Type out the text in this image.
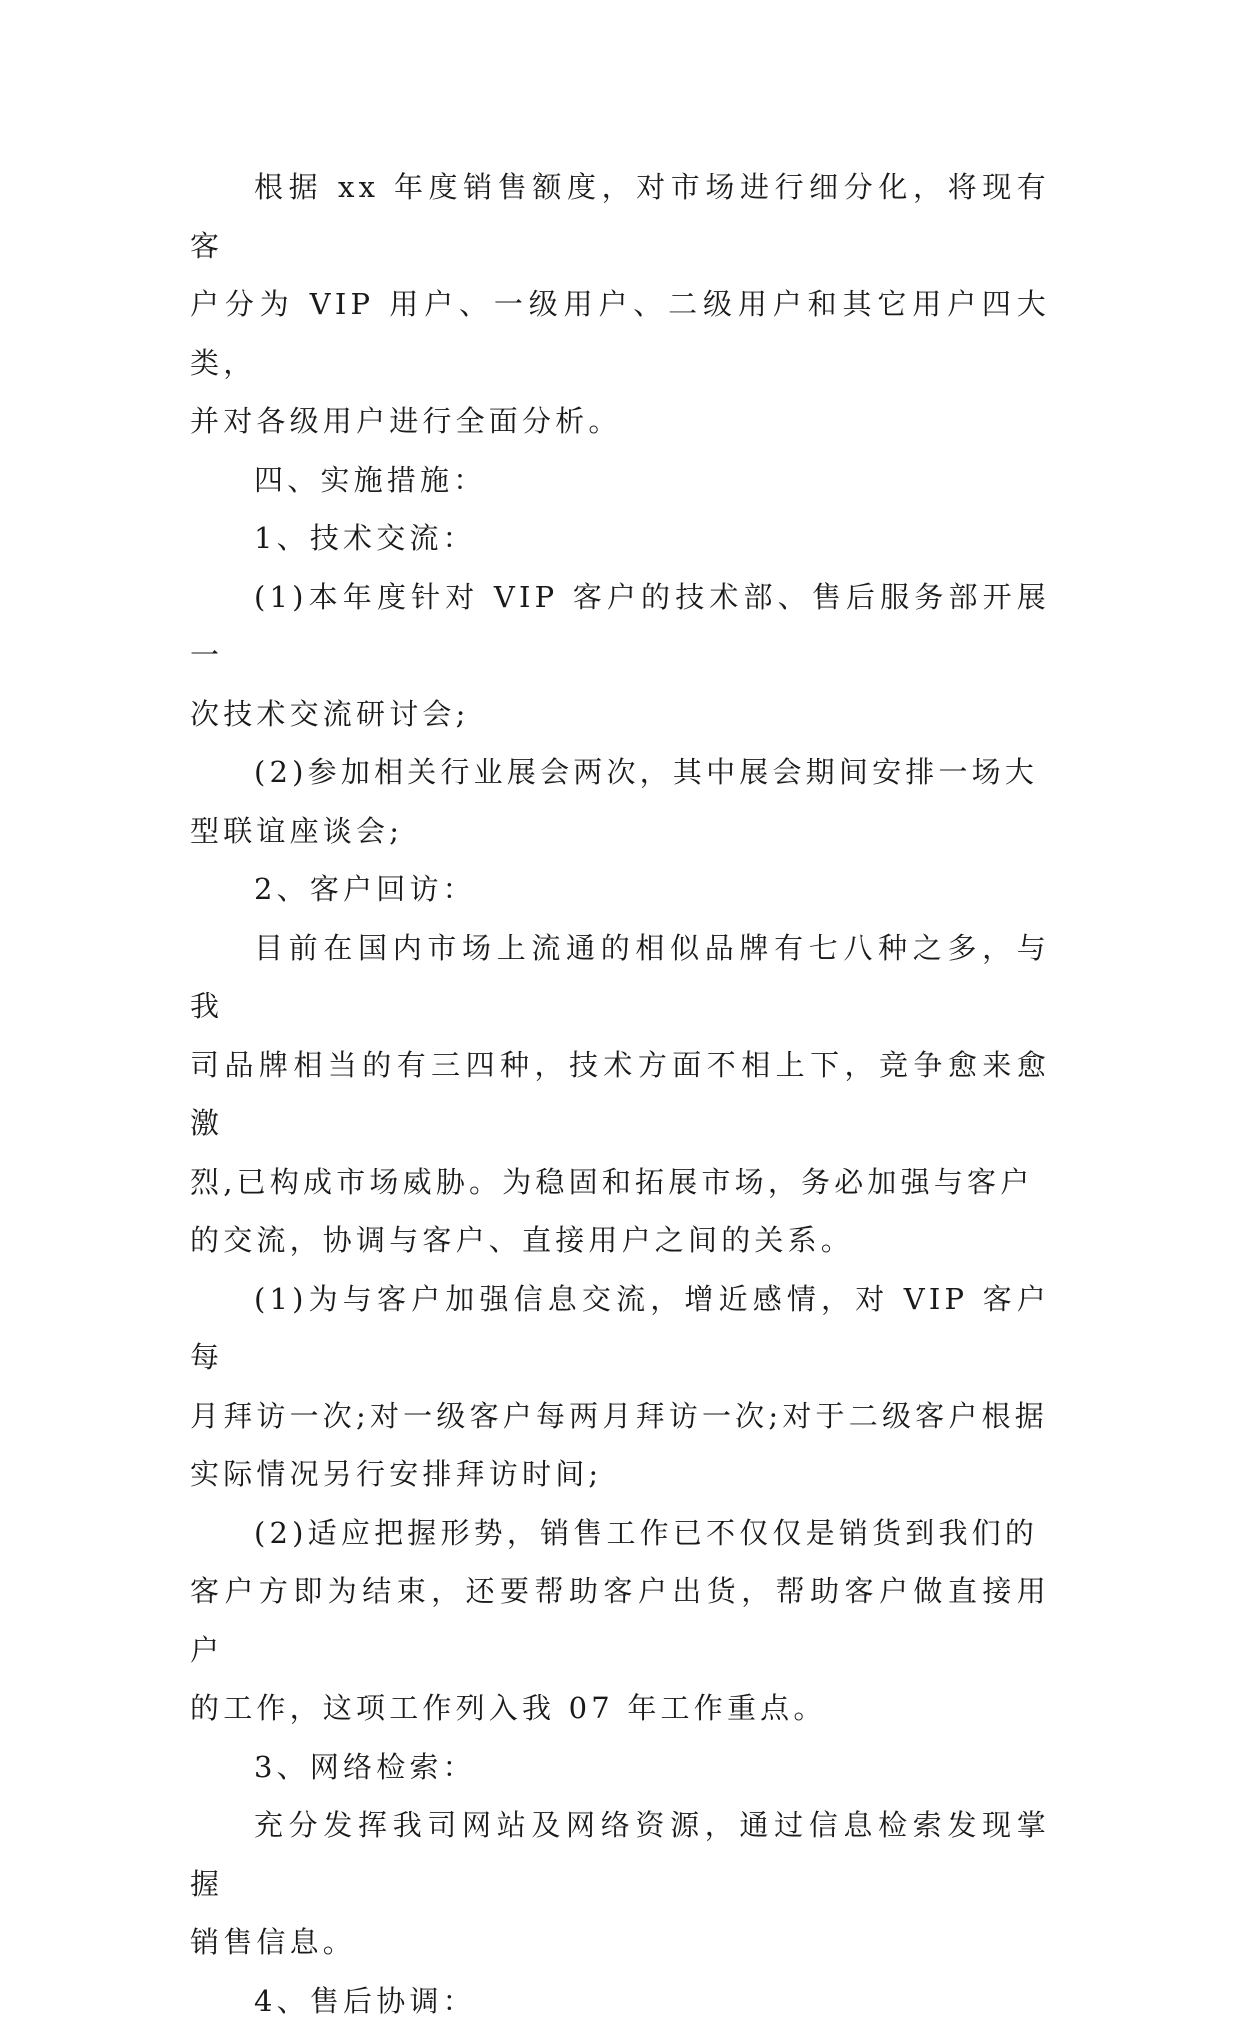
根据 xx 年度销售额度，对市场进行细分化，将现有客
户分为 VIP 用户、一级用户、二级用户和其它用户四大类，
并对各级用户进行全面分析。

四、实施措施：

1、技术交流：

(1)本年度针对 VIP 客户的技术部、售后服务部开展一
次技术交流研讨会;

(2)参加相关行业展会两次，其中展会期间安排一场大
型联谊座谈会;

2、客户回访：

目前在国内市场上流通的相似品牌有七八种之多，与我
司品牌相当的有三四种，技术方面不相上下，竞争愈来愈激
烈,已构成市场威胁。为稳固和拓展市场，务必加强与客户
的交流，协调与客户、直接用户之间的关系。

(1)为与客户加强信息交流，增近感情，对 VIP 客户每
月拜访一次;对一级客户每两月拜访一次;对于二级客户根据
实际情况另行安排拜访时间;

(2)适应把握形势，销售工作已不仅仅是销货到我们的
客户方即为结束，还要帮助客户出货，帮助客户做直接用户
的工作，这项工作列入我 07 年工作重点。

3、网络检索：

充分发挥我司网站及网络资源，通过信息检索发现掌握
销售信息。

4、售后协调：
